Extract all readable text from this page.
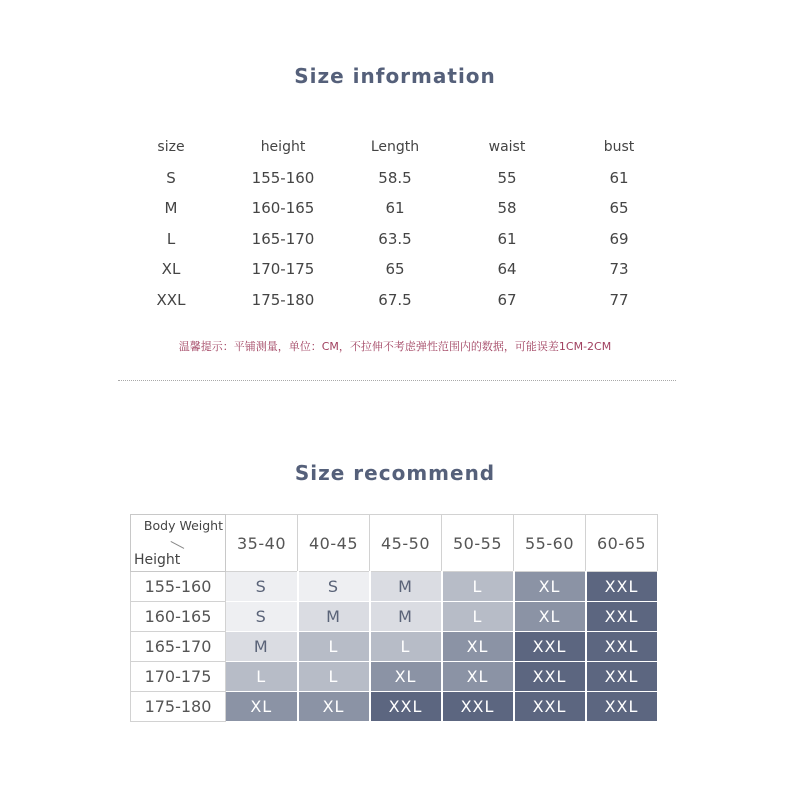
Size information
size	height	Length	waist	bust
S	155-160	58.5	55	61
M	160-165	61	58	65
L	165-170	63.5	61	69
XL	170-175	65	64	73
XXL	175-180	67.5	67	77
温馨提示：平铺测量，单位：CM，不拉伸不考虑弹性范围内的数据，可能误差1CM-2CM
Size recommend
Body Weight
Height	35-40	40-45	45-50	50-55	55-60	60-65
155-160	S	S	M	L	XL	XXL
160-165	S	M	M	L	XL	XXL
165-170	M	L	L	XL	XXL	XXL
170-175	L	L	XL	XL	XXL	XXL
175-180	XL	XL	XXL	XXL	XXL	XXL
